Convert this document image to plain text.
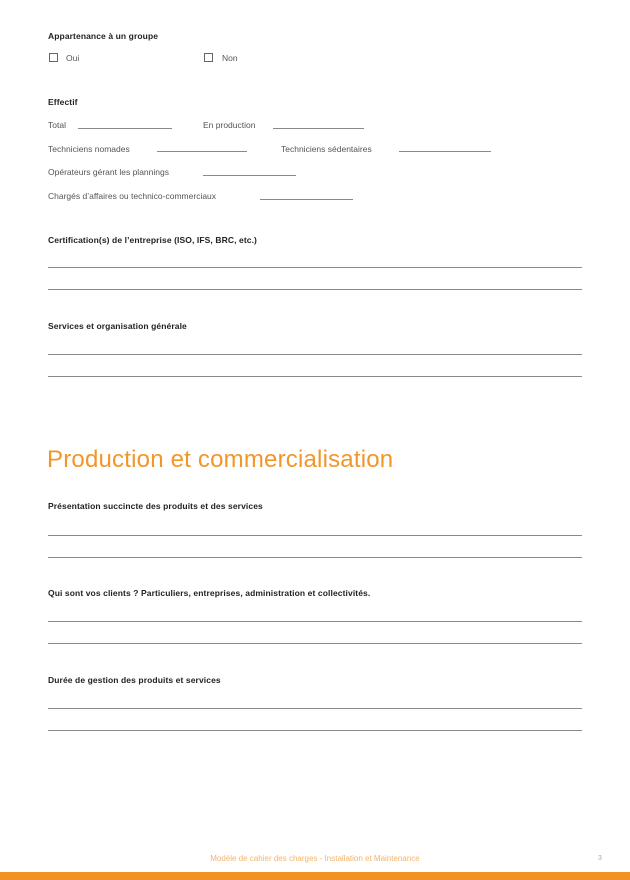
Appartenance à un groupe
Oui	Non
Effectif
Total	En production
Techniciens nomades	Techniciens sédentaires
Opérateurs gérant les plannings
Chargés d’affaires ou technico-commerciaux
Certification(s) de l’entreprise (ISO, IFS, BRC, etc.)
Services et organisation générale
Production et commercialisation
Présentation succincte des produits et des services
Qui sont vos clients ? Particuliers, entreprises, administration et collectivités.
Durée de gestion des produits et services
Modèle de cahier des charges - Installation et Maintenance	3
